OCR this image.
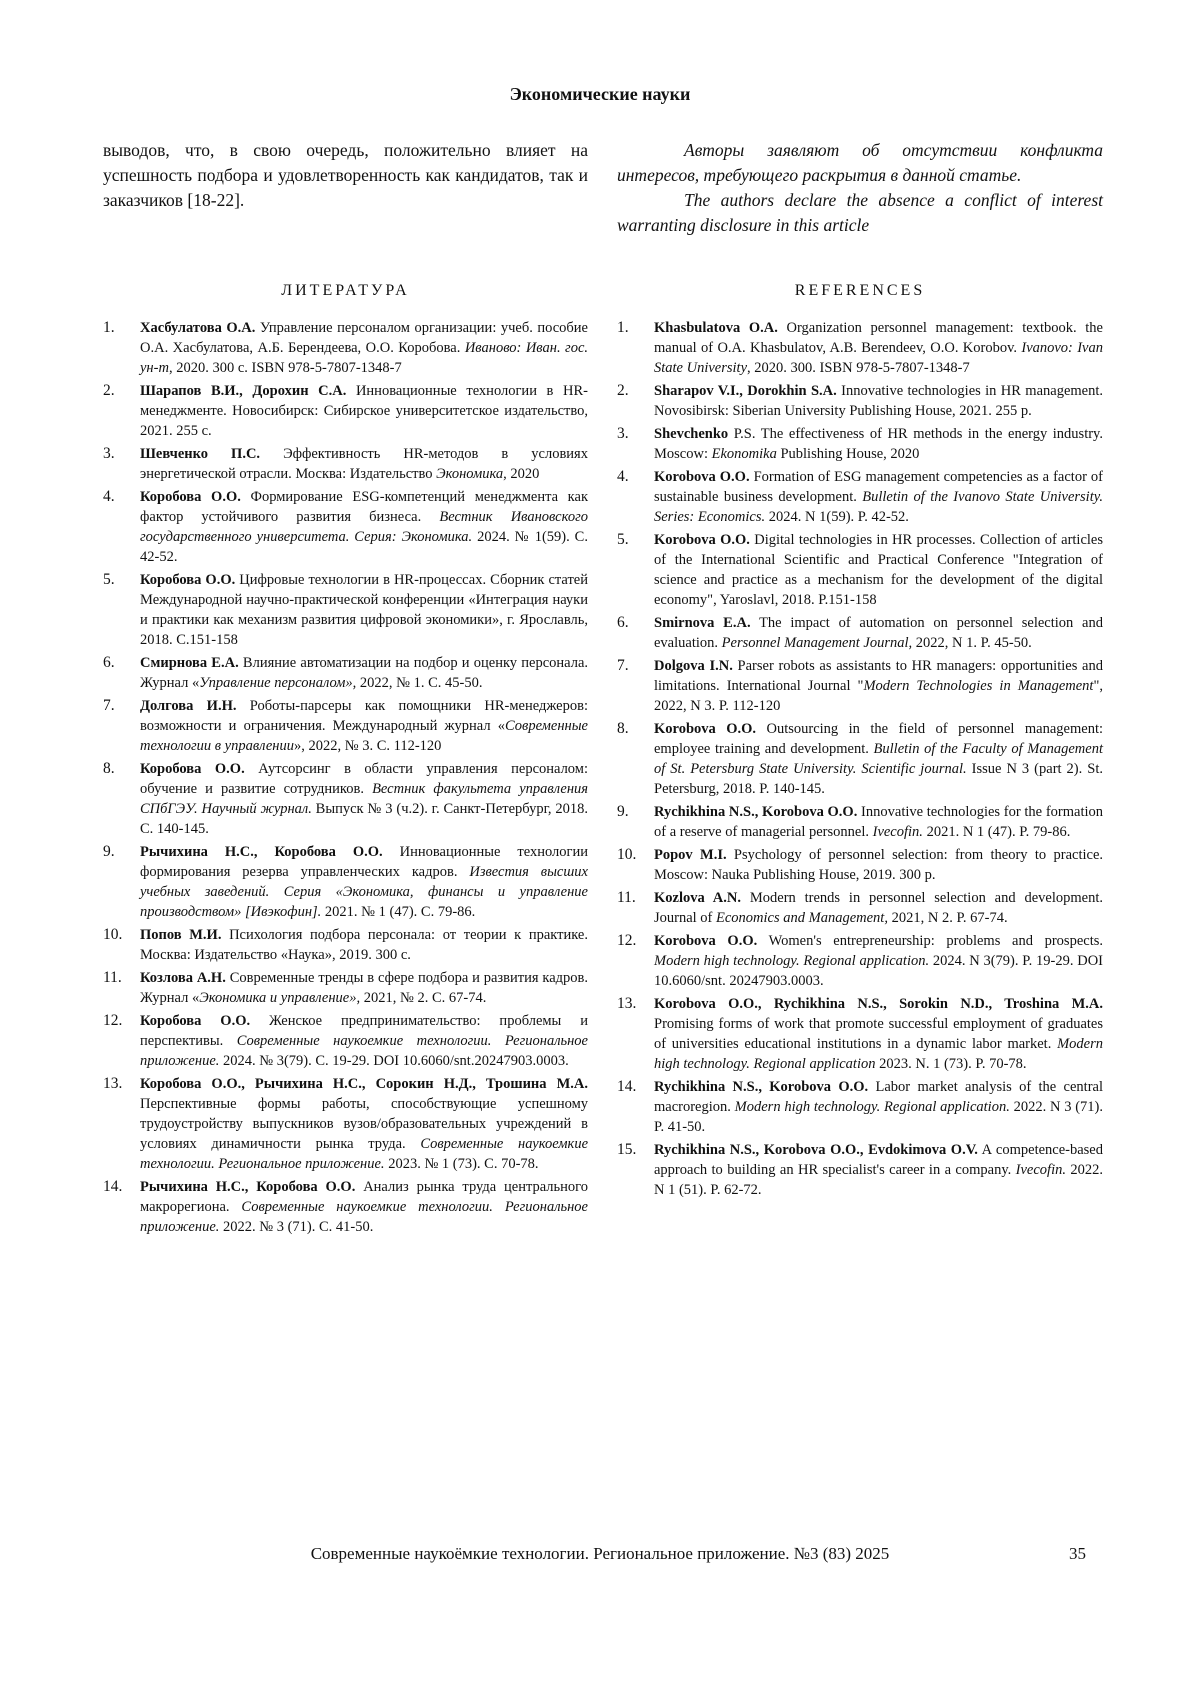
Экономические науки
выводов, что, в свою очередь, положительно влияет на успешность подбора и удовлетворенность как кандидатов, так и заказчиков [18-22].

Авторы заявляют об отсутствии конфликта интересов, требующего раскрытия в данной статье.

The authors declare the absence a conflict of interest warranting disclosure in this article

ЛИТЕРАТУРА	REFERENCES
1. Хасбулатова О.А. Управление персоналом организации: учеб. пособие О.А. Хасбулатова, А.Б. Берендеева, О.О. Коробова. Иваново: Иван. гос. ун-т, 2020. 300 с. ISBN 978-5-7807-1348-7
2. Шарапов В.И., Дорохин С.А. Инновационные технологии в HR-менеджменте. Новосибирск: Сибирское университетское издательство, 2021. 255 с.
3. Шевченко П.С. Эффективность HR-методов в условиях энергетической отрасли. Москва: Издательство Экономика, 2020
4. Коробова О.О. Формирование ESG-компетенций менеджмента как фактор устойчивого развития бизнеса. Вестник Ивановского государственного университета. Серия: Экономика. 2024. № 1(59). С. 42-52.
5. Коробова О.О. Цифровые технологии в HR-процессах. Сборник статей Международной научно-практической конференции «Интеграция науки и практики как механизм развития цифровой экономики», г. Ярославль, 2018. С.151-158
6. Смирнова Е.А. Влияние автоматизации на подбор и оценку персонала. Журнал «Управление персоналом», 2022, № 1. С. 45-50.
7. Долгова И.Н. Роботы-парсеры как помощники HR-менеджеров: возможности и ограничения. Международный журнал «Современные технологии в управлении», 2022, № 3. С. 112-120
8. Коробова О.О. Аутсорсинг в области управления персоналом: обучение и развитие сотрудников. Вестник факультета управления СПбГЭУ. Научный журнал. Выпуск № 3 (ч.2). г. Санкт-Петербург, 2018. С. 140-145.
9. Рычихина Н.С., Коробова О.О. Инновационные технологии формирования резерва управленческих кадров. Известия высших учебных заведений. Серия «Экономика, финансы и управление производством» [Ивэкофин]. 2021. № 1 (47). С. 79-86.
10. Попов М.И. Психология подбора персонала: от теории к практике. Москва: Издательство «Наука», 2019. 300 с.
11. Козлова А.Н. Современные тренды в сфере подбора и развития кадров. Журнал «Экономика и управление», 2021, № 2. С. 67-74.
12. Коробова О.О. Женское предпринимательство: проблемы и перспективы. Современные наукоемкие технологии. Региональное приложение. 2024. № 3(79). С. 19-29. DOI 10.6060/snt.20247903.0003.
13. Коробова О.О., Рычихина Н.С., Сорокин Н.Д., Трошина М.А. Перспективные формы работы, способствующие успешному трудоустройству выпускников вузов/образовательных учреждений в условиях динамичности рынка труда. Современные наукоемкие технологии. Региональное приложение. 2023. № 1 (73). С. 70-78.
14. Рычихина Н.С., Коробова О.О. Анализ рынка труда центрального макрорегиона. Современные наукоемкие технологии. Региональное приложение. 2022. № 3 (71). С. 41-50.
1. Khasbulatova O.A. Organization personnel management: textbook. the manual of O.A. Khasbulatov, A.B. Berendeev, O.O. Korobov. Ivanovo: Ivan State University, 2020. 300. ISBN 978-5-7807-1348-7
2. Sharapov V.I., Dorokhin S.A. Innovative technologies in HR management. Novosibirsk: Siberian University Publishing House, 2021. 255 p.
3. Shevchenko P.S. The effectiveness of HR methods in the energy industry. Moscow: Ekonomika Publishing House, 2020
4. Korobova O.O. Formation of ESG management competencies as a factor of sustainable business development. Bulletin of the Ivanovo State University. Series: Economics. 2024. N 1(59). P. 42-52.
5. Korobova O.O. Digital technologies in HR processes. Collection of articles of the International Scientific and Practical Conference "Integration of science and practice as a mechanism for the development of the digital economy", Yaroslavl, 2018. P.151-158
6. Smirnova E.A. The impact of automation on personnel selection and evaluation. Personnel Management Journal, 2022, N 1. P. 45-50.
7. Dolgova I.N. Parser robots as assistants to HR managers: opportunities and limitations. International Journal "Modern Technologies in Management", 2022, N 3. P. 112-120
8. Korobova O.O. Outsourcing in the field of personnel management: employee training and development. Bulletin of the Faculty of Management of St. Petersburg State University. Scientific journal. Issue N 3 (part 2). St. Petersburg, 2018. P. 140-145.
9. Rychikhina N.S., Korobova O.O. Innovative technologies for the formation of a reserve of managerial personnel. Ivecofin. 2021. N 1 (47). P. 79-86.
10. Popov M.I. Psychology of personnel selection: from theory to practice. Moscow: Nauka Publishing House, 2019. 300 p.
11. Kozlova A.N. Modern trends in personnel selection and development. Journal of Economics and Management, 2021, N 2. P. 67-74.
12. Korobova O.O. Women's entrepreneurship: problems and prospects. Modern high technology. Regional application. 2024. N 3(79). P. 19-29. DOI 10.6060/snt. 20247903.0003.
13. Korobova O.O., Rychikhina N.S., Sorokin N.D., Troshina M.A. Promising forms of work that promote successful employment of graduates of universities educational institutions in a dynamic labor market. Modern high technology. Regional application 2023. N. 1 (73). P. 70-78.
14. Rychikhina N.S., Korobova O.O. Labor market analysis of the central macroregion. Modern high technology. Regional application. 2022. N 3 (71). P. 41-50.
15. Rychikhina N.S., Korobova O.O., Evdokimova O.V. A competence-based approach to building an HR specialist's career in a company. Ivecofin. 2022. N 1 (51). P. 62-72.
Современные наукоёмкие технологии. Региональное приложение. №3 (83) 2025	35
